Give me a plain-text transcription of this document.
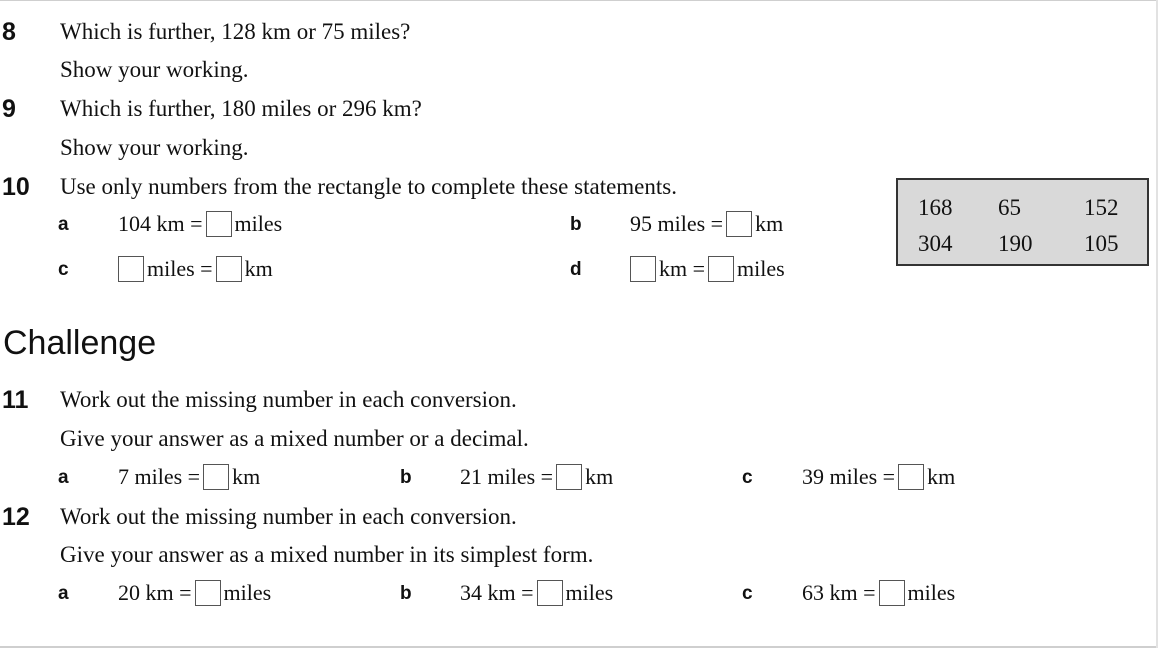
8 Which is further, 128 km or 75 miles?
Show your working.
9 Which is further, 180 miles or 296 km?
Show your working.
10 Use only numbers from the rectangle to complete these statements.
a	104 km = miles	b	95 miles = km
c	miles = km	d	km = miles
168 65	152
304 190 105
Challenge
11 Work out the missing number in each conversion.
Give your answer as a mixed number or a decimal.
a	7 miles = km	b	21 miles = km	c	39 miles = km
12 Work out the missing number in each conversion.
Give your answer as a mixed number in its simplest form.
a	20 km = miles	b	34 km = miles	c	63 km = miles
